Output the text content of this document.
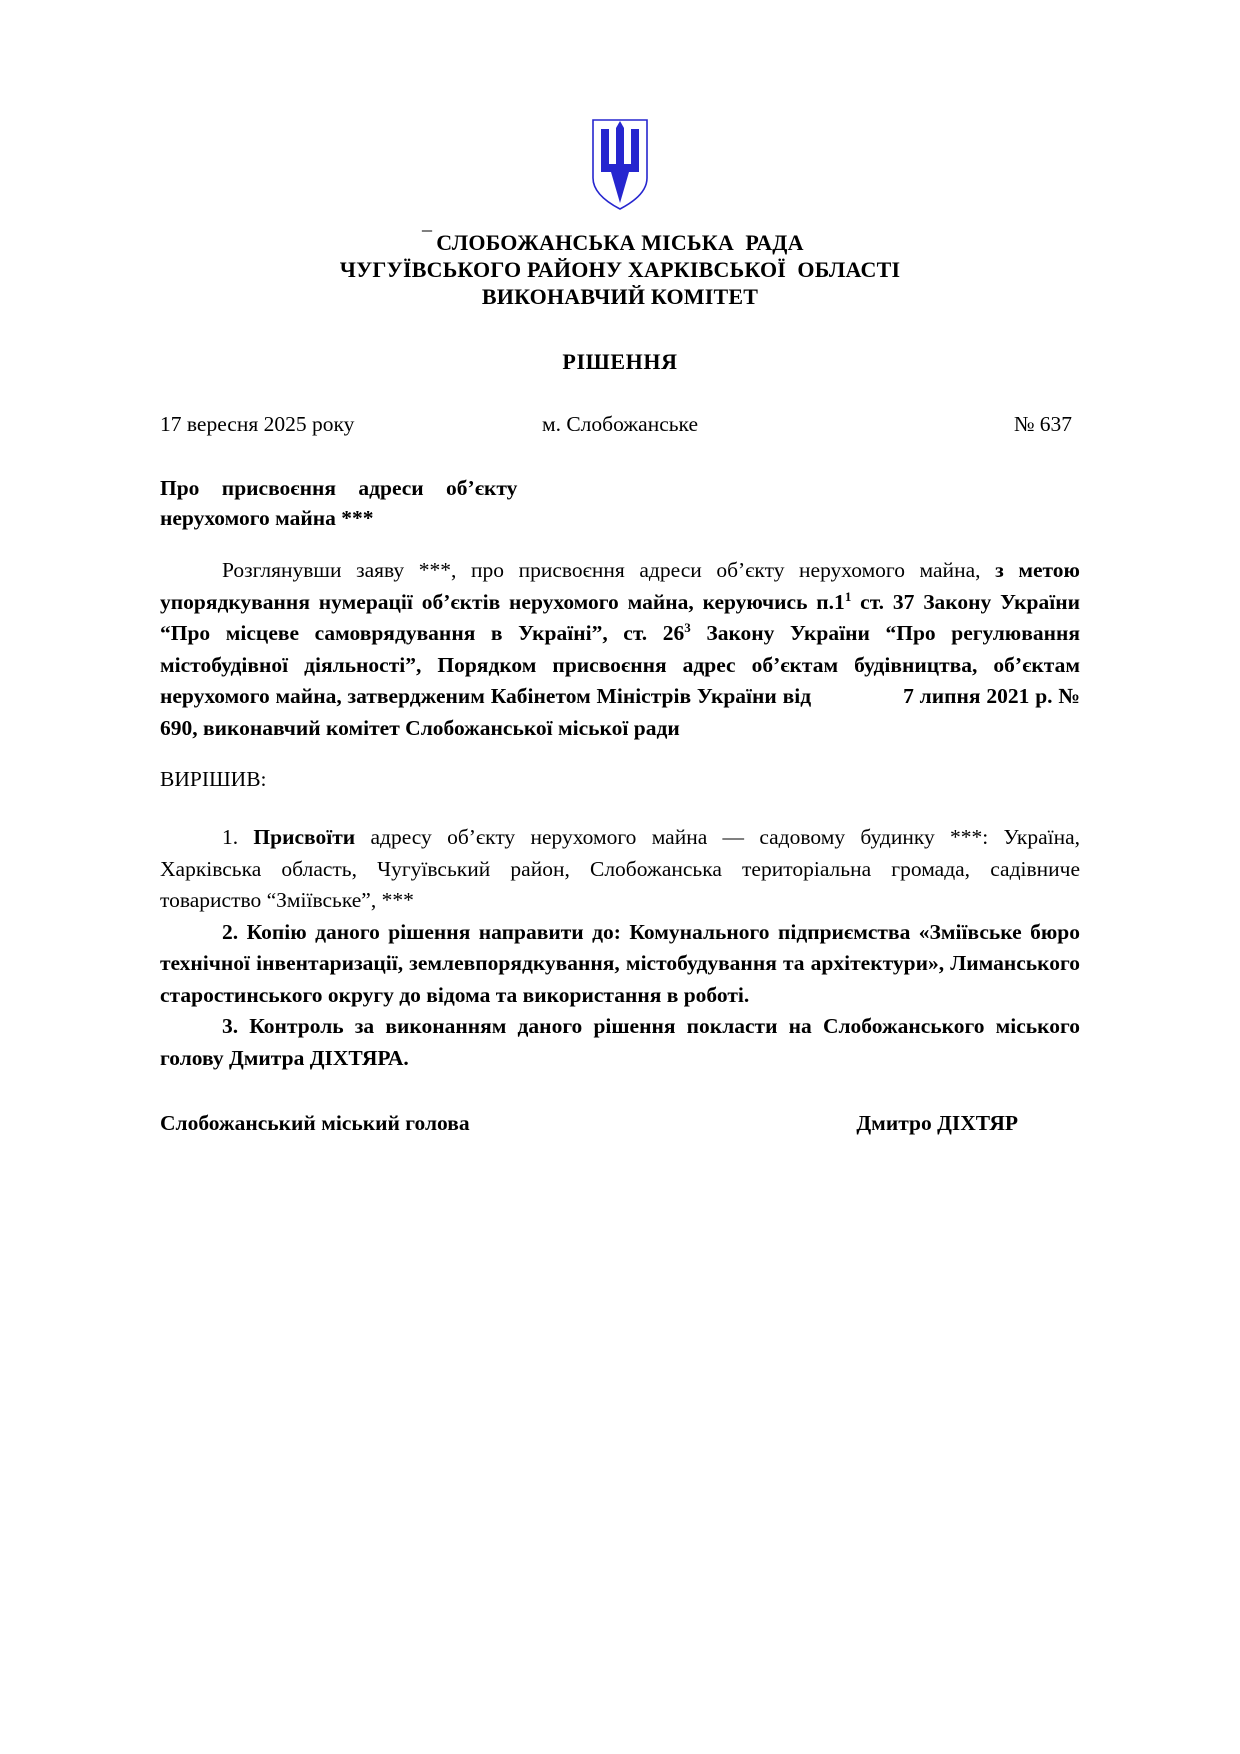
_
СЛОБОЖАНСЬКА МІСЬКА  РАДА
ЧУГУЇВСЬКОГО РАЙОНУ ХАРКІВСЬКОЇ  ОБЛАСТІ
ВИКОНАВЧИЙ КОМІТЕТ
РІШЕННЯ
17 вересня 2025 року	м. Слобожанське	№ 637
Про присвоєння адреси об’єкту
нерухомого майна ***

Розглянувши заяву ***, про присвоєння адреси об’єкту нерухомого майна, з метою упорядкування нумерації об’єктів нерухомого майна, керуючись $п.1^1$ ст. 37 Закону України “Про місцеве самоврядування в Україні”, ст. $26^3$ Закону України “Про регулювання містобудівної діяльності”, Порядком присвоєння адрес об’єктам будівництва, об’єктам нерухомого майна, затвердженим Кабінетом Міністрів України від	7 липня 2021 р. № 690, виконавчий комітет Слобожанської міської ради

ВИРІШИВ:

1. Присвоїти адресу об’єкту нерухомого майна — садовому будинку ***: Україна, Харківська область, Чугуївський район, Слобожанська територіальна громада, садівниче товариство “Зміївське”, ***

2. Копію даного рішення направити до: Комунального підприємства «Зміївське бюро технічної інвентаризації, землевпорядкування, містобудування та архітектури», Лиманського старостинського округу до відома та використання в роботі.

3. Контроль за виконанням даного рішення покласти на Слобожанського міського голову Дмитра ДІХТЯРА.

Слобожанський міський голова	Дмитро ДІХТЯР
